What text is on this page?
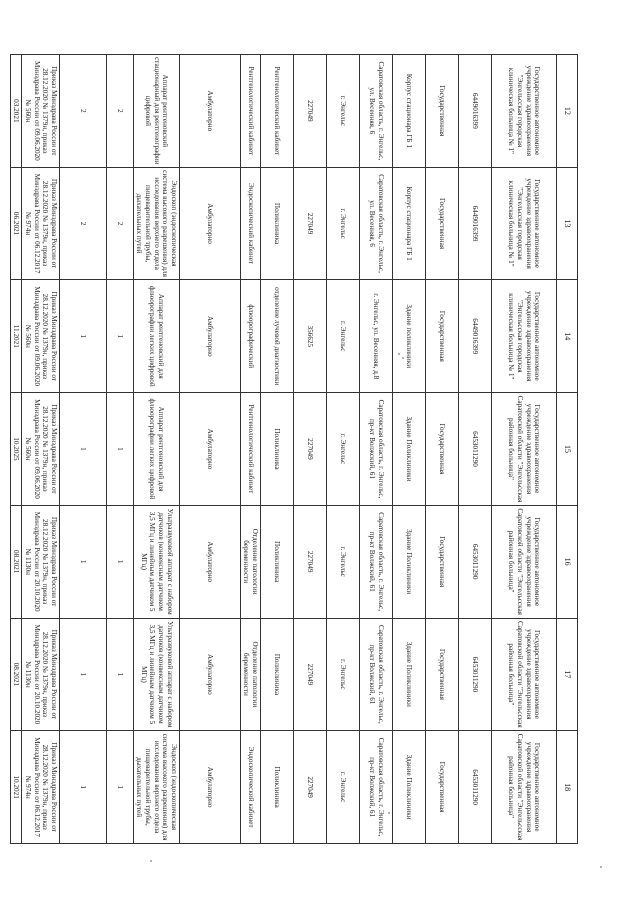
12	13	14	15	16	17	18
Государственное автономное учреждение здравоохранения "Энгельсская городская клиническая больница № 1"	Государственное автономное учреждение здравоохранения "Энгельсская городская клиническая больница № 1"	Государственное автономное учреждение здравоохранения "Энгельсская городская клиническая больница № 1"	Государственное автономное учреждение здравоохранения Саратовской области "Энгельсская районная больница"	Государственное автономное учреждение здравоохранения Саратовской области "Энгельсская районная больница"	Государственное автономное учреждение здравоохранения Саратовской области "Энгельсская районная больница"	Государственное автономное учреждение здравоохранения Саратовской области "Энгельсская районная больница"
6449016399	6449016399	6449016399	6453011290	6453011290	6453011290	6453011290
Государственная	Государственная	Государственная	Государственная	Государственная	Государственная	Государственная
Корпус стационара ГБ 1	Корпус стационара ГБ 1	Здание поликлиники	Здание Поликлиники	Здание Поликлиники	Здание Поликлиники	Здание Поликлиники
Саратовская область, г. Энгельс, ул. Весенняя, 6	Саратовская область, г. Энгельс, ул. Весенняя, 6	г. Энгельс, ул. Весенняя, д.8	Саратовская область, г. Энгельс, пр-кт Волжский, 61	Саратовская область, г. Энгельс, пр-кт Волжский, 61	Саратовская область, г. Энгельс, пр-кт Волжский, 61	Саратовская область, г. Энгельс, пр-кт Волжский, 61
г. Энгельс	г. Энгельс	г. Энгельс	г. Энгельс	г. Энгельс	г. Энгельс	г. Энгельс
227049	227049	356625	227049	227049	227049	227049
Рентгенологический кабинет	Поликлиника	отделение лучевой диагностики	Поликлиника	Поликлиника	Поликлиника	Поликлиника
Рентгенологический кабинет	Эндоскопический кабинет	флюорографический	Рентгенологический кабинет	Отделение патологии беременности	Отделение патологии беременности	Эндоскопический кабинет
Амбулаторно	Амбулаторно	Амбулаторно	Амбулаторно	Амбулаторно	Амбулаторно	Амбулаторно
Аппарат рентгеновский стационарный для рентгенографии цифровой	Эндоскоп (эндоскопическая система высокого разрешения) для исследования верхнего отдела пищеварительной трубы, дыхательных путей	Аппарат рентгеновский для флюорографии легких цифровой	Аппарат рентгеновский для флюорографии легких цифровой	Ультразвуковой аппарат с набором датчиков (конвексным датчиком 3,5 МГц и линейным датчиком 5 МГц)	Ультразвуковой аппарат с набором датчиков (конвексным датчиком 3,5 МГц и линейным датчиком 5 МГц)	Эндоскоп (эндоскопическая система высокого разрешения) для исследования верхнего отдела пищеварительной трубы, дыхательных путей
2	2	1	1	1	1	1
2	2	1	1	1	1	1
Приказ Минздрава России от 28.12.2020 № 1379н, приказ Минздрава России от 09.06.2020 № 560н	Приказ Минздрава России от 28.12.2020 № 1379н, приказ Минздрава России от 06.12.2017 № 974н	Приказ Минздрава России от 28.12.2020 № 1379н, приказ Минздрава России от 09.06.2020 № 560н	Приказ Минздрава России от 28.12.2020 № 1379н, приказ Минздрава России от 09.06.2020 № 560н	Приказ Минздрава России от 28.12.2020 № 1379н, приказ Минздрава России от 20.10.2020 № 1130н	Приказ Минздрава России от 28.12.2020 № 1379н, приказ Минздрава России от 20.10.2020 № 1130н	Приказ Минздрава России от 28.12.2020 № 1379н, приказ Минздрава России от 06.12.2017 № 974н
03.2021	06.2021	11.2021	10.2025	08.2021	08.2021	10.2021
